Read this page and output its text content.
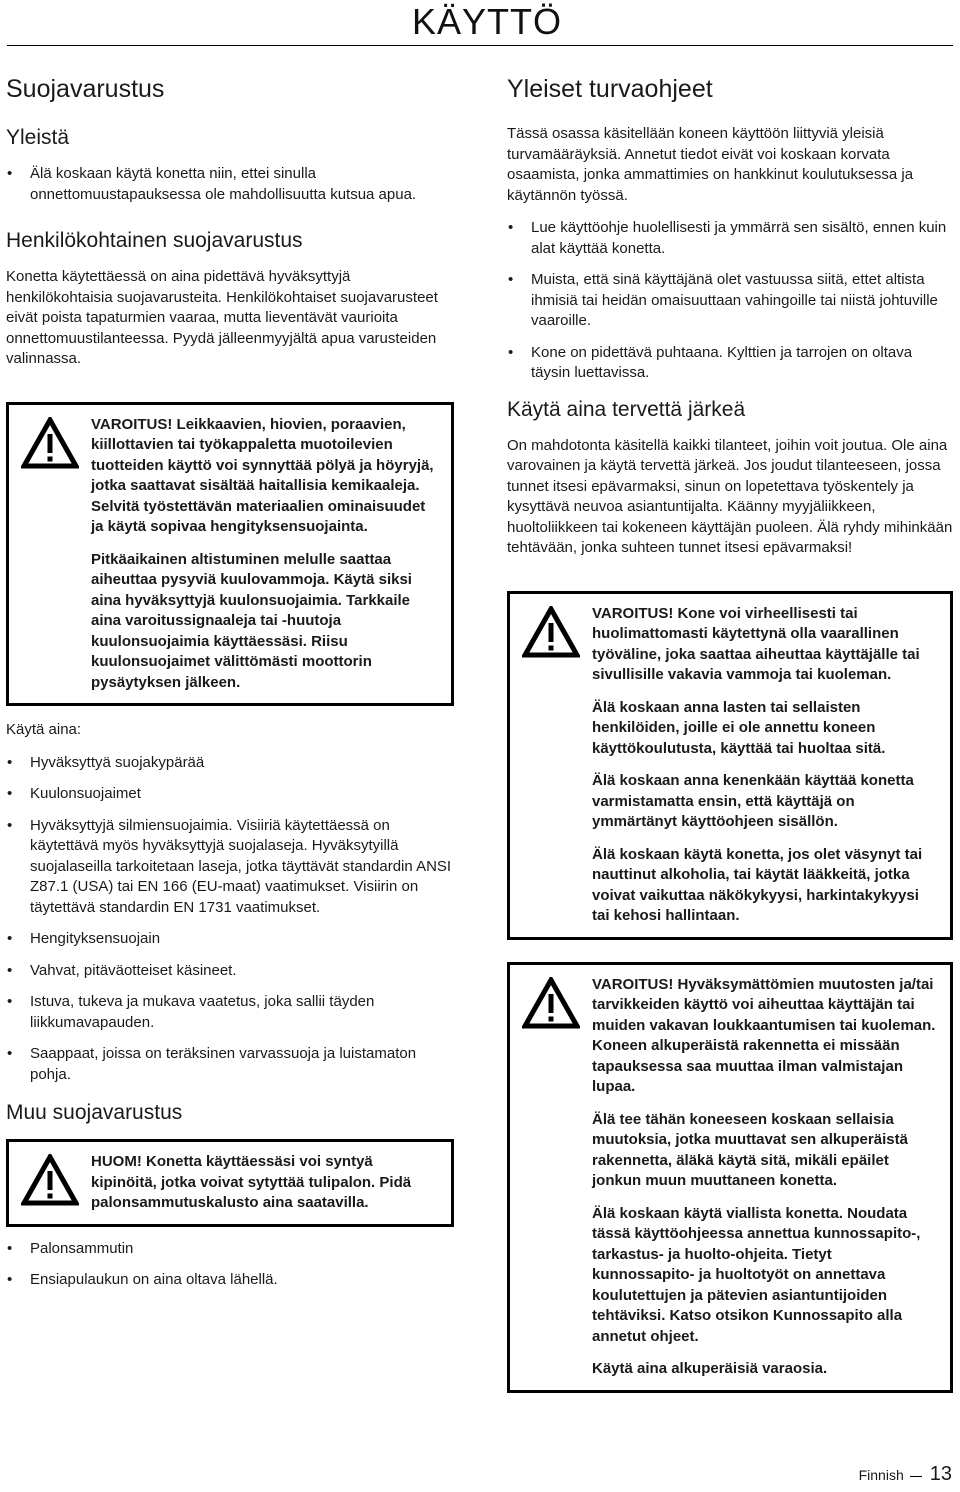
KÄYTTÖ
Suojavarustus
Yleistä
• Älä koskaan käytä konetta niin, ettei sinulla onnettomuustapauksessa ole mahdollisuutta kutsua apua.
Henkilökohtainen suojavarustus

Konetta käytettäessä on aina pidettävä hyväksyttyjä henkilökohtaisia suojavarusteita. Henkilökohtaiset suojavarusteet eivät poista tapaturmien vaaraa, mutta lieventävät vaurioita onnettomuustilanteessa. Pyydä jälleenmyyjältä apua varusteiden valinnassa.

VAROITUS! Leikkaavien, hiovien, poraavien, kiillottavien tai työkappaletta muotoilevien tuotteiden käyttö voi synnyttää pölyä ja höyryjä, jotka saattavat sisältää haitallisia kemikaaleja. Selvitä työstettävän materiaalien ominaisuudet ja käytä sopivaa hengityksensuojainta.

Pitkäaikainen altistuminen melulle saattaa aiheuttaa pysyviä kuulovammoja. Käytä siksi aina hyväksyttyjä kuulonsuojaimia. Tarkkaile aina varoitussignaaleja tai -huutoja kuulonsuojaimia käyttäessäsi. Riisu kuulonsuojaimet välittömästi moottorin pysäytyksen jälkeen.

Käytä aina:

• Hyväksyttyä suojakypärää
• Kuulonsuojaimet
• Hyväksyttyjä silmiensuojaimia. Visiiriä käytettäessä on käytettävä myös hyväksyttyjä suojalaseja. Hyväksytyillä suojalaseilla tarkoitetaan laseja, jotka täyttävät standardin ANSI Z87.1 (USA) tai EN 166 (EU-maat) vaatimukset. Visiirin on täytettävä standardin EN 1731 vaatimukset.
• Hengityksensuojain
• Vahvat, pitäväotteiset käsineet.
• Istuva, tukeva ja mukava vaatetus, joka sallii täyden liikkumavapauden.
• Saappaat, joissa on teräksinen varvassuoja ja luistamaton pohja.
Muu suojavarustus

HUOM! Konetta käyttäessäsi voi syntyä kipinöitä, jotka voivat sytyttää tulipalon. Pidä palonsammutuskalusto aina saatavilla.

• Palonsammutin
• Ensiapulaukun on aina oltava lähellä.
Yleiset turvaohjeet

Tässä osassa käsitellään koneen käyttöön liittyviä yleisiä turvamääräyksiä. Annetut tiedot eivät voi koskaan korvata osaamista, jonka ammattimies on hankkinut koulutuksessa ja käytännön työssä.

• Lue käyttöohje huolellisesti ja ymmärrä sen sisältö, ennen kuin alat käyttää konetta.
• Muista, että sinä käyttäjänä olet vastuussa siitä, ettet altista ihmisiä tai heidän omaisuuttaan vahingoille tai niistä johtuville vaaroille.
• Kone on pidettävä puhtaana. Kylttien ja tarrojen on oltava täysin luettavissa.
Käytä aina tervettä järkeä

On mahdotonta käsitellä kaikki tilanteet, joihin voit joutua. Ole aina varovainen ja käytä tervettä järkeä. Jos joudut tilanteeseen, jossa tunnet itsesi epävarmaksi, sinun on lopetettava työskentely ja kysyttävä neuvoa asiantuntijalta. Käänny myyjäliikkeen, huoltoliikkeen tai kokeneen käyttäjän puoleen. Älä ryhdy mihinkään tehtävään, jonka suhteen tunnet itsesi epävarmaksi!

VAROITUS! Kone voi virheellisesti tai huolimattomasti käytettynä olla vaarallinen työväline, joka saattaa aiheuttaa käyttäjälle tai sivullisille vakavia vammoja tai kuoleman.

Älä koskaan anna lasten tai sellaisten henkilöiden, joille ei ole annettu koneen käyttökoulutusta, käyttää tai huoltaa sitä.

Älä koskaan anna kenenkään käyttää konetta varmistamatta ensin, että käyttäjä on ymmärtänyt käyttöohjeen sisällön.

Älä koskaan käytä konetta, jos olet väsynyt tai nauttinut alkoholia, tai käytät lääkkeitä, jotka voivat vaikuttaa näkökykyysi, harkintakykyysi tai kehosi hallintaan.

VAROITUS! Hyväksymättömien muutosten ja/tai tarvikkeiden käyttö voi aiheuttaa käyttäjän tai muiden vakavan loukkaantumisen tai kuoleman. Koneen alkuperäistä rakennetta ei missään tapauksessa saa muuttaa ilman valmistajan lupaa.

Älä tee tähän koneeseen koskaan sellaisia muutoksia, jotka muuttavat sen alkuperäistä rakennetta, äläkä käytä sitä, mikäli epäilet jonkun muun muuttaneen konetta.

Älä koskaan käytä viallista konetta. Noudata tässä käyttöohjeessa annettua kunnossapito-, tarkastus- ja huolto-ohjeita. Tietyt kunnossapito- ja huoltotyöt on annettava koulutettujen ja pätevien asiantuntijoiden tehtäviksi. Katso otsikon Kunnossapito alla annetut ohjeet.

Käytä aina alkuperäisiä varaosia.

Finnish 13
